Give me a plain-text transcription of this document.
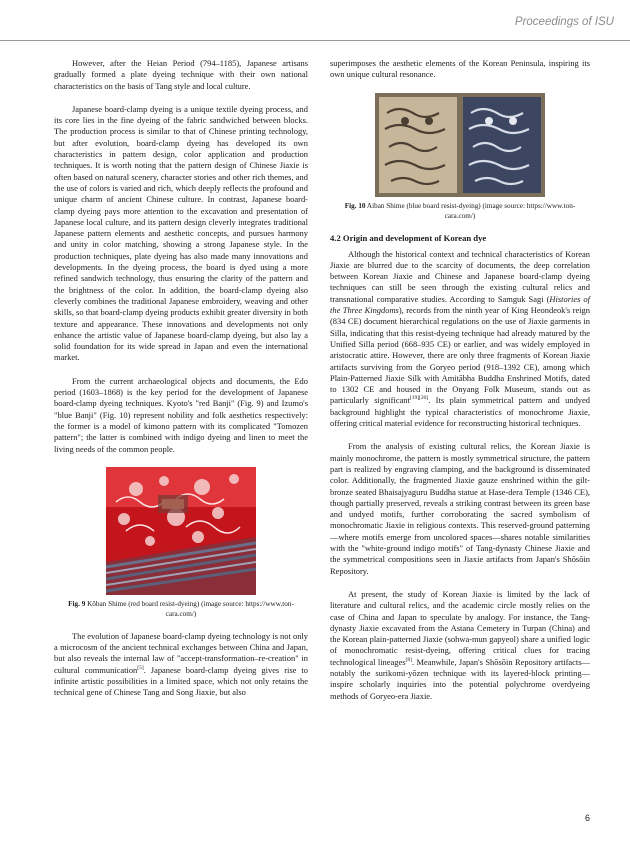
Proceedings of ISU

However, after the Heian Period (794–1185), Japanese artisans gradually formed a plate dyeing technique with their own national characteristics on the basis of Tang style and local culture.

Japanese board-clamp dyeing is a unique textile dyeing process, and its core lies in the fine dyeing of the fabric sandwiched between blocks. The production process is similar to that of Chinese printing technology, but after evolution, board-clamp dyeing has developed its own characteristics in pattern design, color application and production techniques. It is worth noting that the pattern design of Chinese Jiaxie is often based on natural scenery, character stories and other rich themes, and the use of colors is varied and rich, which deeply reflects the profound and unique charm of ancient Chinese culture. In contrast, Japanese board-clamp dyeing pays more attention to the excavation and presentation of Japanese local culture, and its pattern design cleverly integrates traditional Japanese pattern elements and aesthetic concepts, and pursues harmony and unity in color matching, showing a strong Japanese style. In the production techniques, plate dyeing has also made many innovations and developments. In the dyeing process, the board is dyed using a more refined sandwich technology, thus ensuring the clarity of the pattern and the brightness of the color. In addition, the board-clamp dyeing also cleverly combines the traditional Japanese embroidery, weaving and other skills, so that board-clamp dyeing products exhibit greater diversity in both texture and appearance. These innovations and developments not only enhance the artistic value of Japanese board-clamp dyeing, but also lay a solid foundation for its wide spread in Japan and even the international market.

From the current archaeological objects and documents, the Edo period (1603–1868) is the key period for the development of Japanese board-clamp dyeing techniques. Kyoto's "red Banji" (Fig. 9) and Izumo's "blue Banji" (Fig. 10) represent nobility and folk aesthetics respectively: the former is a model of kimono pattern with its complicated "Tomozen pattern"; the latter is combined with indigo dyeing and linen to meet the living needs of the common people.

Fig. 9 Kōban Shime (red board resist-dyeing) (image source: https://www.ton-cara.com/)

The evolution of Japanese board-clamp dyeing technology is not only a microcosm of the ancient technical exchanges between China and Japan, but also reveals the internal law of "accept-transformation–re-creation" in cultural communication[5]. Japanese board-clamp dyeing gives rise to infinite artistic possibilities in a limited space, which not only retains the technical gene of Chinese Tang and Song Jiaxie, but also

superimposes the aesthetic elements of the Korean Peninsula, inspiring its own unique cultural resonance.

Fig. 10 Aiban Shime (blue board resist-dyeing) (image source: https://www.ton-cara.com/)
4.2 Origin and development of Korean dye

Although the historical context and technical characteristics of Korean Jiaxie are blurred due to the scarcity of documents, the deep correlation between Korean Jiaxie and Chinese and Japanese board-clamp dyeing techniques can still be seen through the existing cultural relics and transnational comparative studies. According to Samguk Sagi (Histories of the Three Kingdoms), records from the ninth year of King Heondeok's reign (834 CE) document hierarchical regulations on the use of Jiaxie garments in Silla, indicating that this resist-dyeing technique had already matured by the Unified Silla period (668–935 CE) or earlier, and was widely employed in aristocratic attire. However, there are only three fragments of Korean Jiaxie artifacts surviving from the Goryeo period (918–1392 CE), among which Plain-Patterned Jiaxie Silk with Amitābha Buddha Enshrined Motifs, dated to 1302 CE and housed in the Onyang Folk Museum, stands out as particularly significant[19][20]. Its plain symmetrical pattern and undyed background highlight the typical characteristics of monochrome Jiaxie, offering critical material evidence for reconstructing historical techniques.

From the analysis of existing cultural relics, the Korean Jiaxie is mainly monochrome, the pattern is mostly symmetrical structure, the pattern part is realized by engraving clamping, and the background is disseminated color. Additionally, the fragmented Jiaxie gauze enshrined within the gilt-bronze seated Bhaisajyaguru Buddha statue at Hase-dera Temple (1346 CE), though partially preserved, reveals a striking contrast between its green base and undyed motifs, further corroborating the sacred symbolism of monochromatic Jiaxie in religious contexts. This reserved-ground patterning—where motifs emerge from uncolored spaces—shares notable similarities with the "white-ground indigo motifs" of Tang-dynasty Chinese Jiaxie and the symmetrical compositions seen in Jiaxie artifacts from Japan's Shōsōin Repository.

At present, the study of Korean Jiaxie is limited by the lack of literature and cultural relics, and the academic circle mostly relies on the case of China and Japan to speculate by analogy. For instance, the Tang-dynasty Jiaxie excavated from the Astana Cemetery in Turpan (China) and the Korean plain-patterned Jiaxie (sohwa-mun gapyeol) share a unified logic of monochromatic resist-dyeing, offering critical clues for tracing technological lineages[8]. Meanwhile, Japan's Shōsōin Repository artifacts—notably the surikomi-yōzen technique with its layered-block printing—inspire scholarly inquiries into the potential polychrome overdyeing methods of Goryeo-era Jiaxie.

6
